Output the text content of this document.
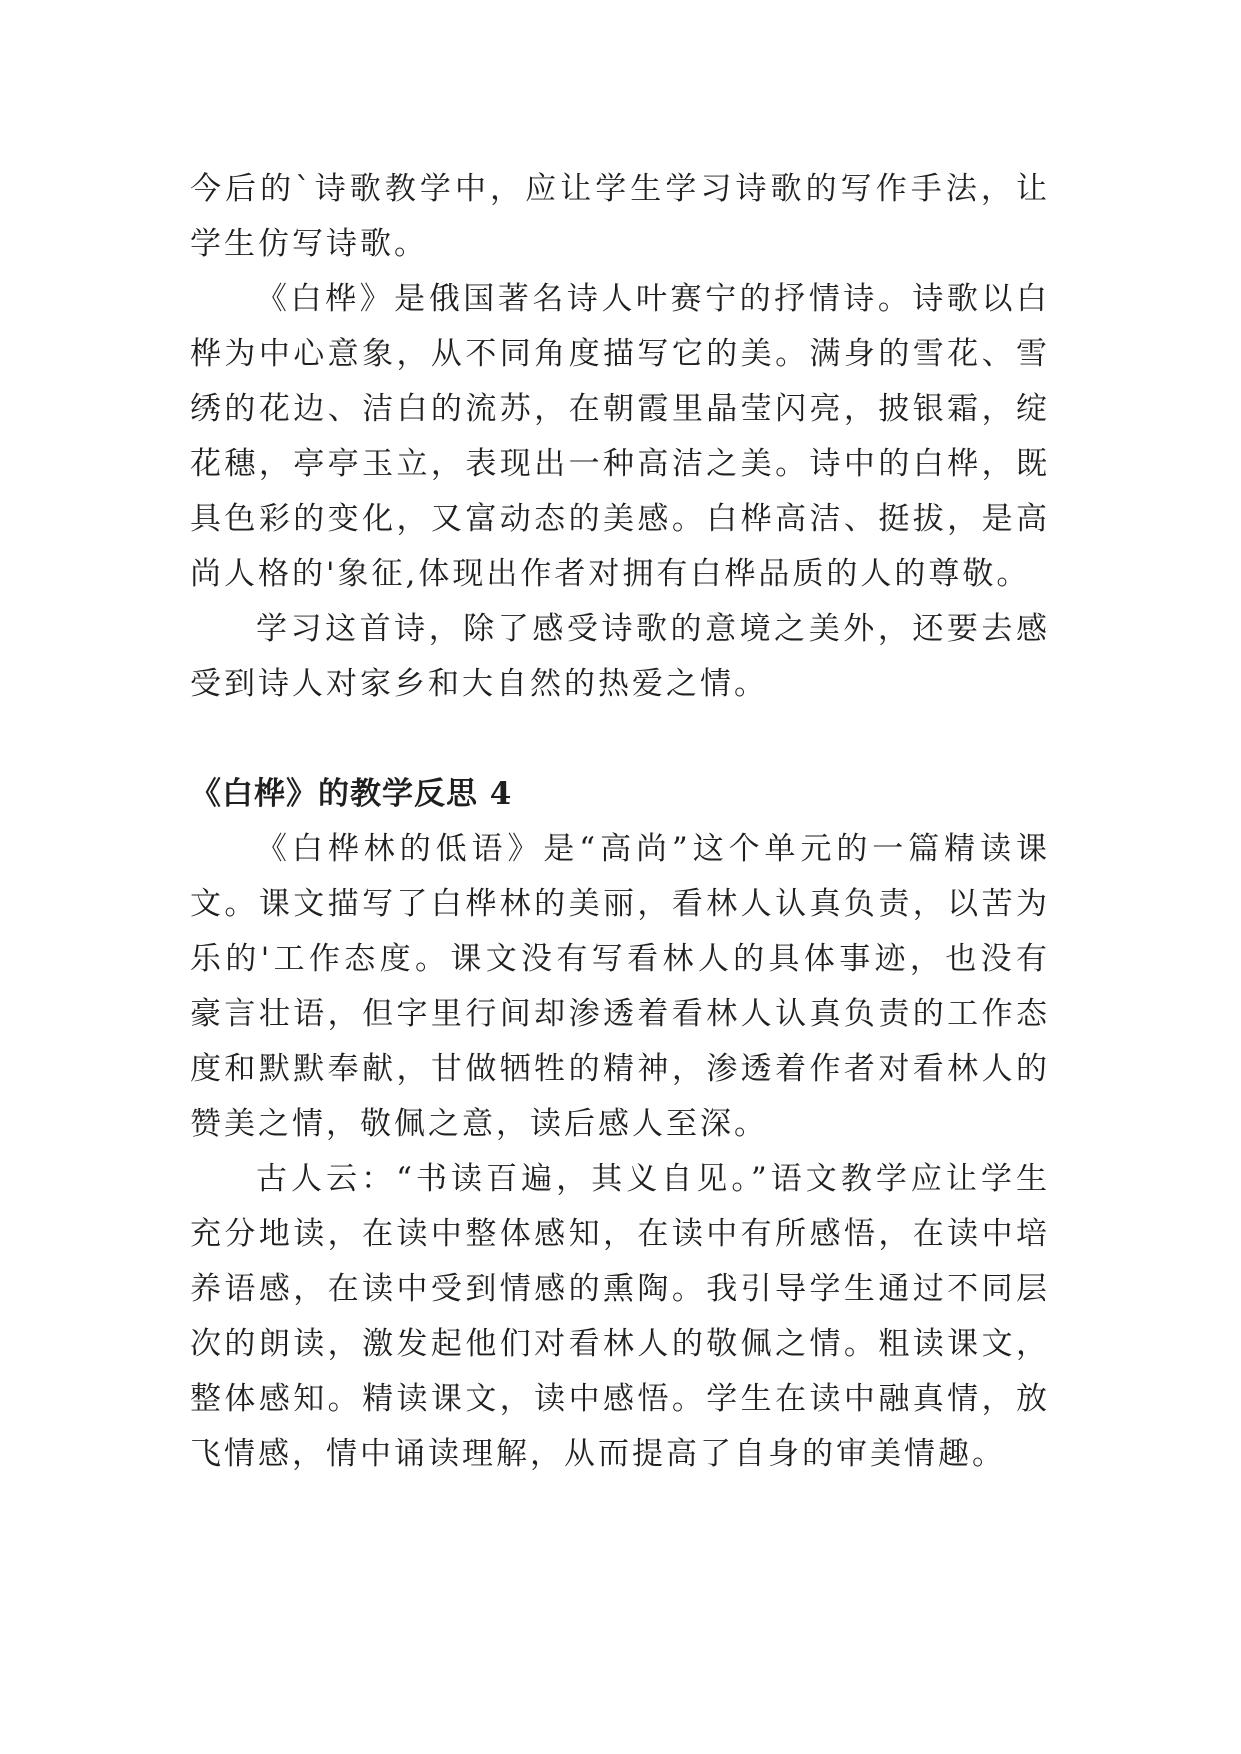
今后的`诗歌教学中，应让学生学习诗歌的写作手法，让学生仿写诗歌。

《白桦》是俄国著名诗人叶赛宁的抒情诗。诗歌以白桦为中心意象，从不同角度描写它的美。满身的雪花、雪绣的花边、洁白的流苏，在朝霞里晶莹闪亮，披银霜，绽花穗，亭亭玉立，表现出一种高洁之美。诗中的白桦，既具色彩的变化，又富动态的美感。白桦高洁、挺拔，是高尚人格的'象征,体现出作者对拥有白桦品质的人的尊敬。

学习这首诗，除了感受诗歌的意境之美外，还要去感受到诗人对家乡和大自然的热爱之情。

《白桦》的教学反思 4

《白桦林的低语》是“高尚”这个单元的一篇精读课文。课文描写了白桦林的美丽，看林人认真负责，以苦为乐的'工作态度。课文没有写看林人的具体事迹，也没有豪言壮语，但字里行间却渗透着看林人认真负责的工作态度和默默奉献，甘做牺牲的精神，渗透着作者对看林人的赞美之情，敬佩之意，读后感人至深。

古人云：“书读百遍，其义自见。”语文教学应让学生充分地读，在读中整体感知，在读中有所感悟，在读中培养语感，在读中受到情感的熏陶。我引导学生通过不同层次的朗读，激发起他们对看林人的敬佩之情。粗读课文，整体感知。精读课文，读中感悟。学生在读中融真情，放飞情感，情中诵读理解，从而提高了自身的审美情趣。
